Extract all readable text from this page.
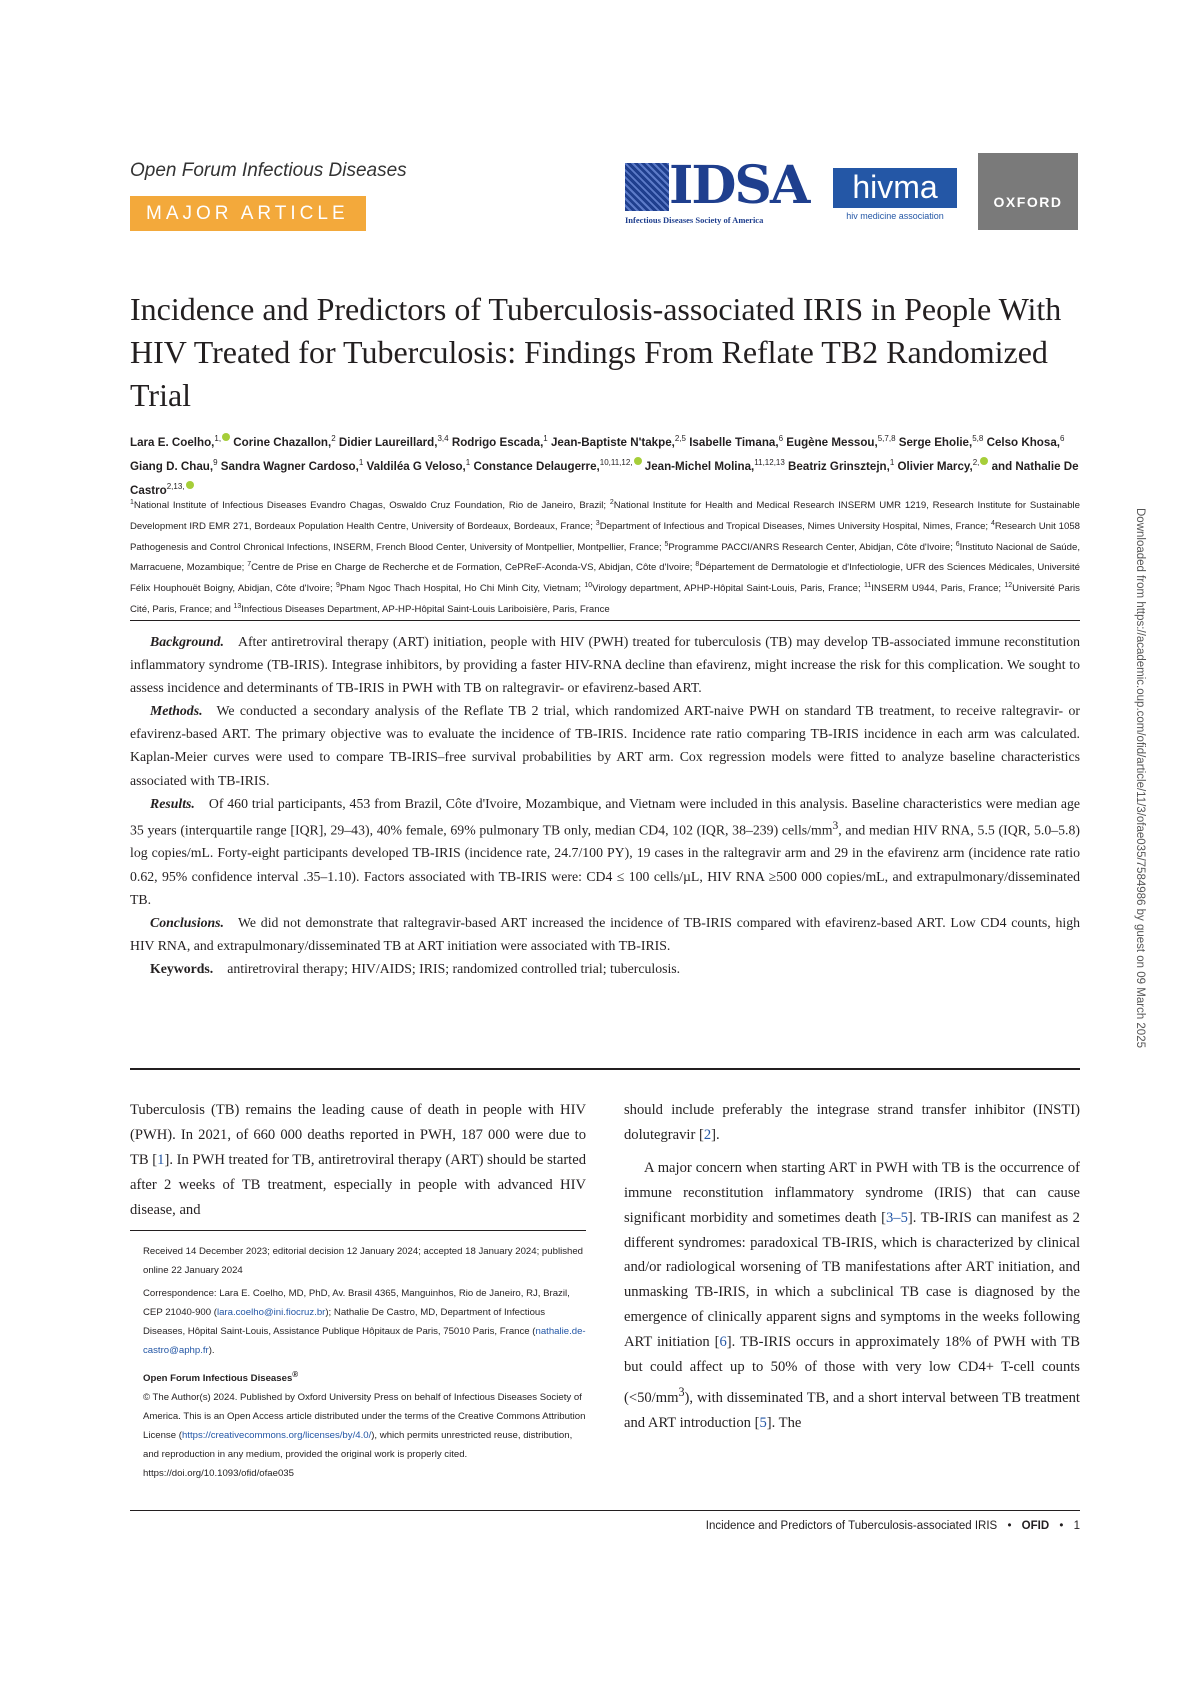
Open Forum Infectious Diseases
MAJOR ARTICLE	IDSA
Infectious Diseases Society of America
hivma
hiv medicine association
OXFORD
Incidence and Predictors of Tuberculosis-associated IRIS in People With HIV Treated for Tuberculosis: Findings From Reflate TB2 Randomized Trial
Lara E. Coelho,$^{1,}$ Corine Chazallon,$^2$ Didier Laureillard,$^{3,4}$ Rodrigo Escada,$^1$ Jean-Baptiste N'takpe,$^{2,5}$ Isabelle Timana,$^6$ Eugène Messou,$^{5,7,8}$ Serge Eholie,$^{5,8}$ Celso Khosa,$^6$ Giang D. Chau,$^9$ Sandra Wagner Cardoso,$^1$ Valdiléa G Veloso,$^1$ Constance Delaugerre,$^{10,11,12,}$ Jean-Michel Molina,$^{11,12,13}$ Beatriz Grinsztejn,$^1$ Olivier Marcy,$^{2,}$ and Nathalie De Castro$^{2,13,}$
$^1$National Institute of Infectious Diseases Evandro Chagas, Oswaldo Cruz Foundation, Rio de Janeiro, Brazil; $^2$National Institute for Health and Medical Research INSERM UMR 1219, Research Institute for Sustainable Development IRD EMR 271, Bordeaux Population Health Centre, University of Bordeaux, Bordeaux, France; $^3$Department of Infectious and Tropical Diseases, Nimes University Hospital, Nimes, France; $^4$Research Unit 1058 Pathogenesis and Control Chronical Infections, INSERM, French Blood Center, University of Montpellier, Montpellier, France; $^5$Programme PACCI/ANRS Research Center, Abidjan, Côte d'Ivoire; $^6$Instituto Nacional de Saúde, Marracuene, Mozambique; $^7$Centre de Prise en Charge de Recherche et de Formation, CePReF-Aconda-VS, Abidjan, Côte d'Ivoire; $^8$Département de Dermatologie et d'Infectiologie, UFR des Sciences Médicales, Université Félix Houphouët Boigny, Abidjan, Côte d'Ivoire; $^9$Pham Ngoc Thach Hospital, Ho Chi Minh City, Vietnam; $^{10}$Virology department, APHP-Hôpital Saint-Louis, Paris, France; $^{11}$INSERM U944, Paris, France; $^{12}$Université Paris Cité, Paris, France; and $^{13}$Infectious Diseases Department, AP-HP-Hôpital Saint-Louis Lariboisière, Paris, France

Background. After antiretroviral therapy (ART) initiation, people with HIV (PWH) treated for tuberculosis (TB) may develop TB-associated immune reconstitution inflammatory syndrome (TB-IRIS). Integrase inhibitors, by providing a faster HIV-RNA decline than efavirenz, might increase the risk for this complication. We sought to assess incidence and determinants of TB-IRIS in PWH with TB on raltegravir- or efavirenz-based ART.

Methods. We conducted a secondary analysis of the Reflate TB 2 trial, which randomized ART-naive PWH on standard TB treatment, to receive raltegravir- or efavirenz-based ART. The primary objective was to evaluate the incidence of TB-IRIS. Incidence rate ratio comparing TB-IRIS incidence in each arm was calculated. Kaplan-Meier curves were used to compare TB-IRIS–free survival probabilities by ART arm. Cox regression models were fitted to analyze baseline characteristics associated with TB-IRIS.

Results. Of 460 trial participants, 453 from Brazil, Côte d'Ivoire, Mozambique, and Vietnam were included in this analysis. Baseline characteristics were median age 35 years (interquartile range [IQR], 29–43), 40% female, 69% pulmonary TB only, median CD4, 102 (IQR, 38–239) cells/$mm^3$, and median HIV RNA, 5.5 (IQR, 5.0–5.8) log copies/mL. Forty-eight participants developed TB-IRIS (incidence rate, 24.7/100 PY), 19 cases in the raltegravir arm and 29 in the efavirenz arm (incidence rate ratio 0.62, 95% confidence interval .35–1.10). Factors associated with TB-IRIS were: CD4 ≤ 100 cells/µL, HIV RNA ≥500 000 copies/mL, and extrapulmonary/disseminated TB.

Conclusions. We did not demonstrate that raltegravir-based ART increased the incidence of TB-IRIS compared with efavirenz-based ART. Low CD4 counts, high HIV RNA, and extrapulmonary/disseminated TB at ART initiation were associated with TB-IRIS.

Keywords. antiretroviral therapy; HIV/AIDS; IRIS; randomized controlled trial; tuberculosis.

Tuberculosis (TB) remains the leading cause of death in people with HIV (PWH). In 2021, of 660 000 deaths reported in PWH, 187 000 were due to TB [1]. In PWH treated for TB, antiretroviral therapy (ART) should be started after 2 weeks of TB treatment, especially in people with advanced HIV disease, and

Received 14 December 2023; editorial decision 12 January 2024; accepted 18 January 2024; published online 22 January 2024

Correspondence: Lara E. Coelho, MD, PhD, Av. Brasil 4365, Manguinhos, Rio de Janeiro, RJ, Brazil, CEP 21040-900 (lara.coelho@ini.fiocruz.br); Nathalie De Castro, MD, Department of Infectious Diseases, Hôpital Saint-Louis, Assistance Publique Hôpitaux de Paris, 75010 Paris, France (nathalie.de-castro@aphp.fr).

Open Forum Infectious Diseases®

© The Author(s) 2024. Published by Oxford University Press on behalf of Infectious Diseases Society of America. This is an Open Access article distributed under the terms of the Creative Commons Attribution License (https://creativecommons.org/licenses/by/4.0/), which permits unrestricted reuse, distribution, and reproduction in any medium, provided the original work is properly cited.

https://doi.org/10.1093/ofid/ofae035

should include preferably the integrase strand transfer inhibitor (INSTI) dolutegravir [2].

A major concern when starting ART in PWH with TB is the occurrence of immune reconstitution inflammatory syndrome (IRIS) that can cause significant morbidity and sometimes death [3–5]. TB-IRIS can manifest as 2 different syndromes: paradoxical TB-IRIS, which is characterized by clinical and/or radiological worsening of TB manifestations after ART initiation, and unmasking TB-IRIS, in which a subclinical TB case is diagnosed by the emergence of clinically apparent signs and symptoms in the weeks following ART initiation [6]. TB-IRIS occurs in approximately 18% of PWH with TB but could affect up to 50% of those with very low CD4+ T-cell counts $(<50/mm^3)$, with disseminated TB, and a short interval between TB treatment and ART introduction [5]. The

Downloaded from https://academic.oup.com/ofid/article/11/3/ofae035/7584986 by guest on 09 March 2025
Incidence and Predictors of Tuberculosis-associated IRIS • OFID • 1
